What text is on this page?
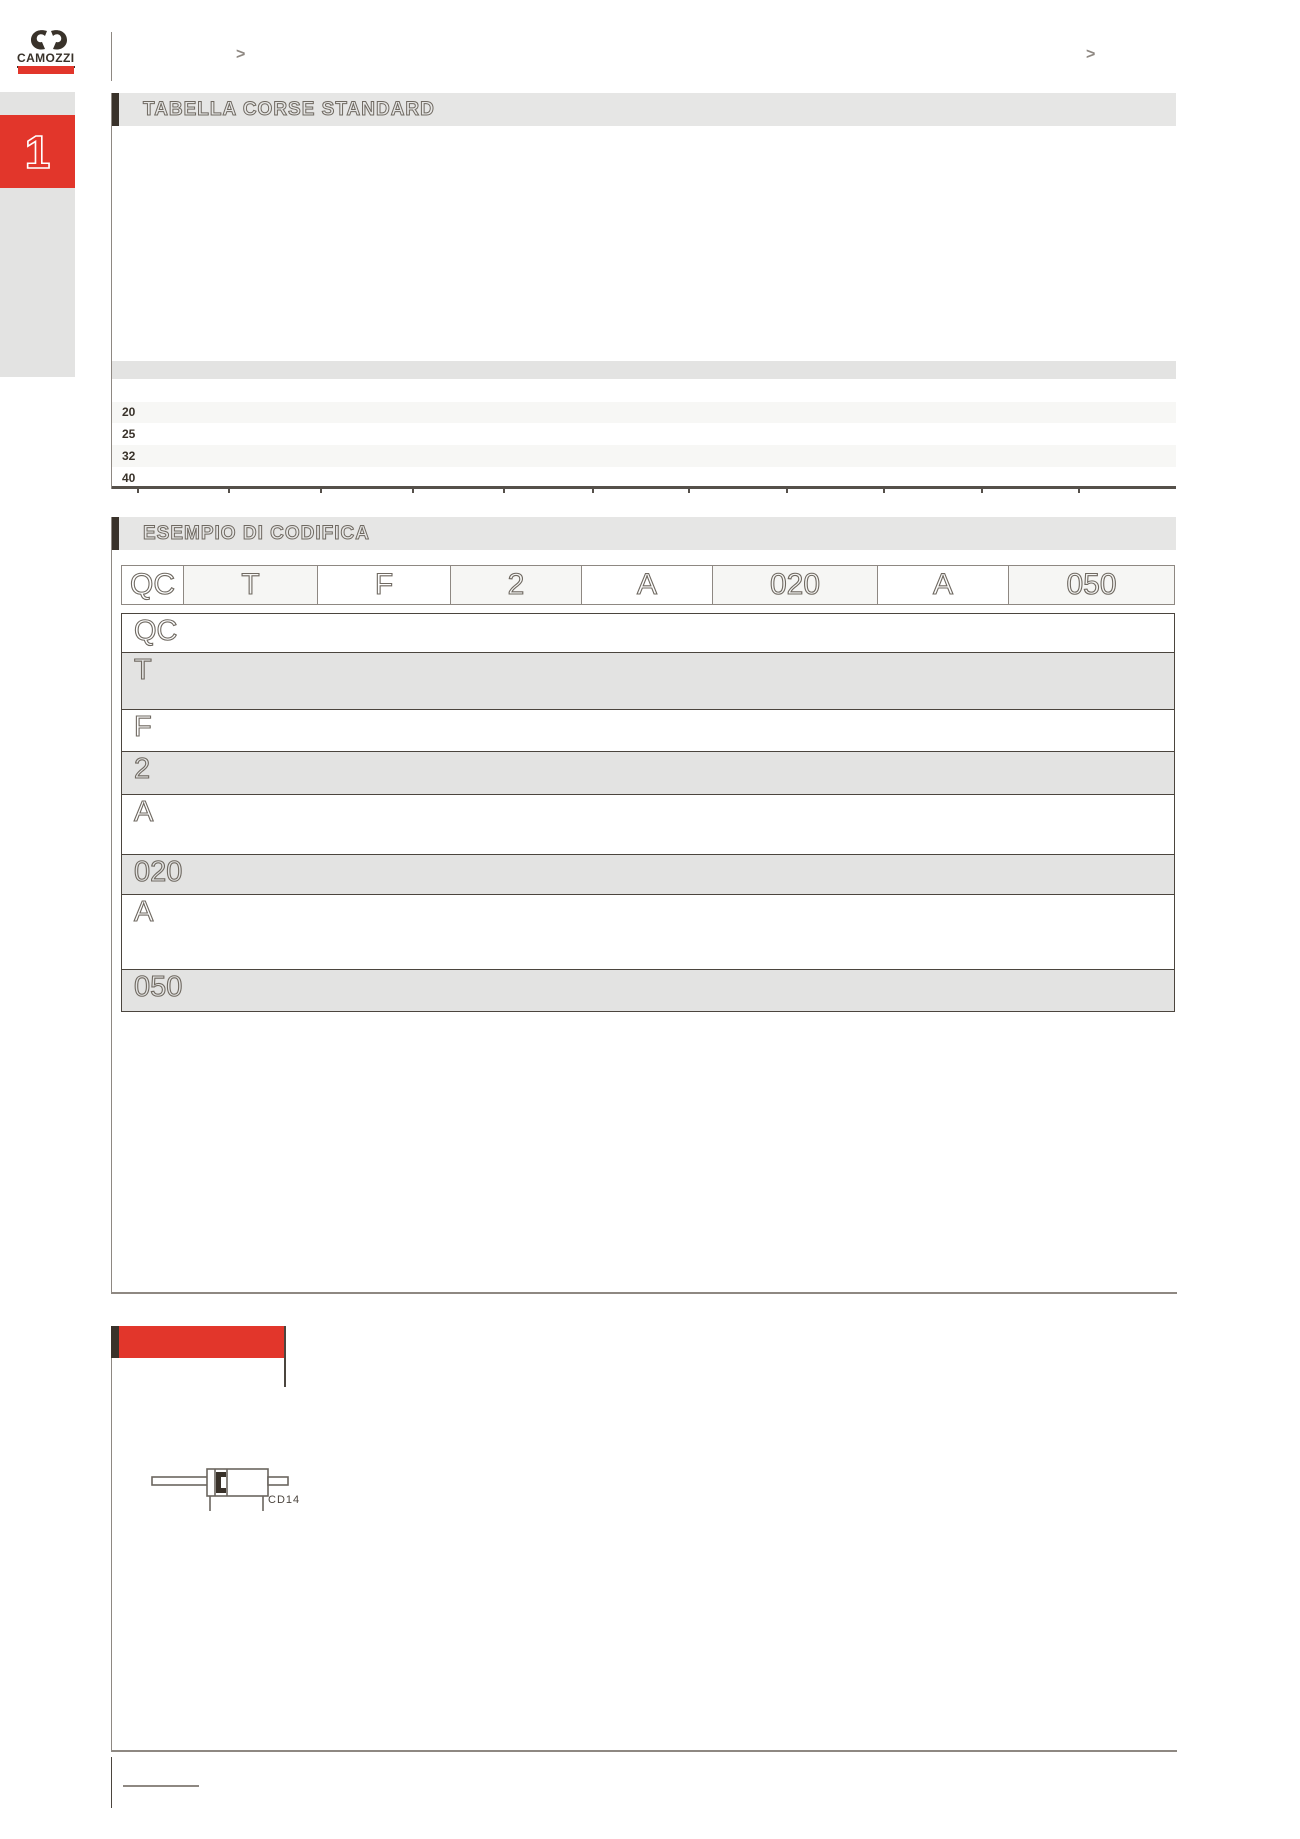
CAMOZZI	>	>
1
TABELLA CORSE STANDARD
20
25
32
40
ESEMPIO DI CODIFICA
QC T	F	2	A	020	A	050
QC
T
F
2
A
020
A
050
CD14
